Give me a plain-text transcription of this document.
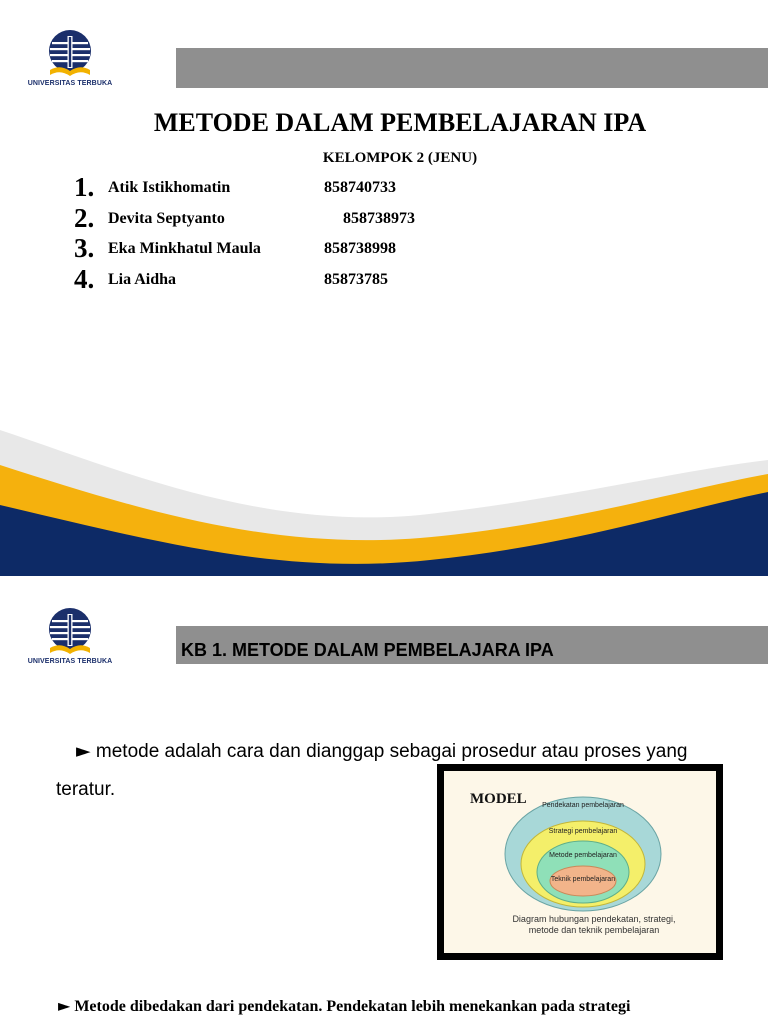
UNIVERSITAS TERBUKA
METODE DALAM PEMBELAJARAN IPA
KELOMPOK 2 (JENU)
1. Atik Istikhomatin	858740733
2. Devita Septyanto	858738973
3. Eka Minkhatul Maula	858738998
4. Lia Aidha	85873785
UNIVERSITAS TERBUKA
KB 1. METODE DALAM PEMBELAJARA IPA
► metode adalah cara dan dianggap sebagai prosedur atau proses yang teratur.	MODEL Pendekatan pembelajaran
Strategi pembelajaran
Metode pembelajaran
Teknik pembelajaran
Diagram hubungan pendekatan, strategi, metode dan teknik pembelajaran
► Metode dibedakan dari pendekatan. Pendekatan lebih menekankan pada strategi
